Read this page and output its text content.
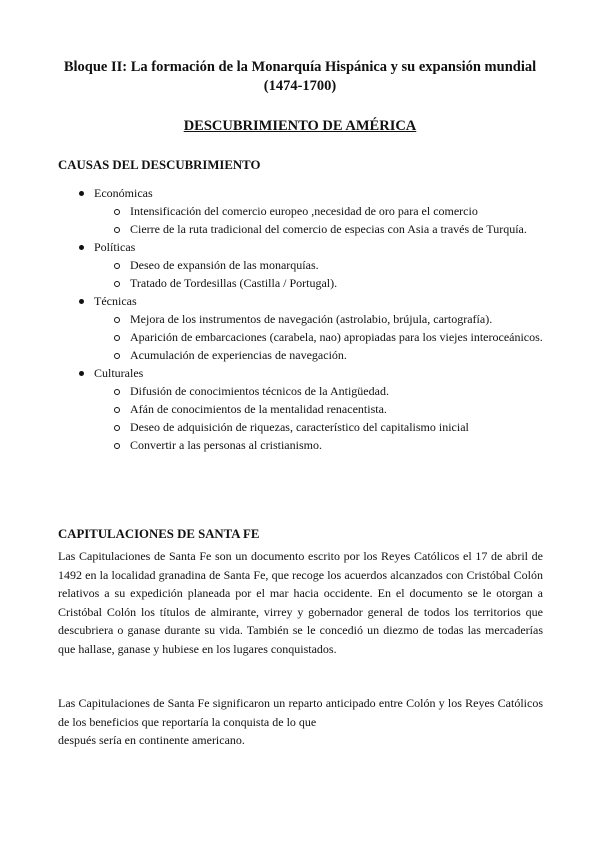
Bloque II: La formación de la Monarquía Hispánica y su expansión mundial (1474-1700)
DESCUBRIMIENTO DE AMÉRICA
CAUSAS DEL DESCUBRIMIENTO
Económicas
Intensificación del comercio europeo ,necesidad de oro para el comercio
Cierre de la ruta tradicional del comercio de especias con Asia a través de Turquía.
Políticas
Deseo de expansión de las monarquías.
Tratado de Tordesillas (Castilla / Portugal).
Técnicas
Mejora de los instrumentos de navegación (astrolabio, brújula, cartografía).
Aparición de embarcaciones (carabela, nao) apropiadas para los viejes interoceánicos.
Acumulación de experiencias de navegación.
Culturales
Difusión de conocimientos técnicos de la Antigüedad.
Afán de conocimientos de la mentalidad renacentista.
Deseo de adquisición de riquezas, característico del capitalismo inicial
Convertir a las personas al cristianismo.
CAPITULACIONES DE SANTA FE
Las Capitulaciones de Santa Fe son un documento escrito por los Reyes Católicos el 17 de abril de 1492 en la localidad granadina de Santa Fe, que recoge los acuerdos alcanzados con Cristóbal Colón relativos a su expedición planeada por el mar hacia occidente. En el documento se le otorgan a Cristóbal Colón los títulos de almirante, virrey y gobernador general de todos los territorios que descubriera o ganase durante su vida. También se le concedió un diezmo de todas las mercaderías que hallase, ganase y hubiese en los lugares conquistados.
Las Capitulaciones de Santa Fe significaron un reparto anticipado entre Colón y los Reyes Católicos de los beneficios que reportaría la conquista de lo que
después sería en continente americano.
